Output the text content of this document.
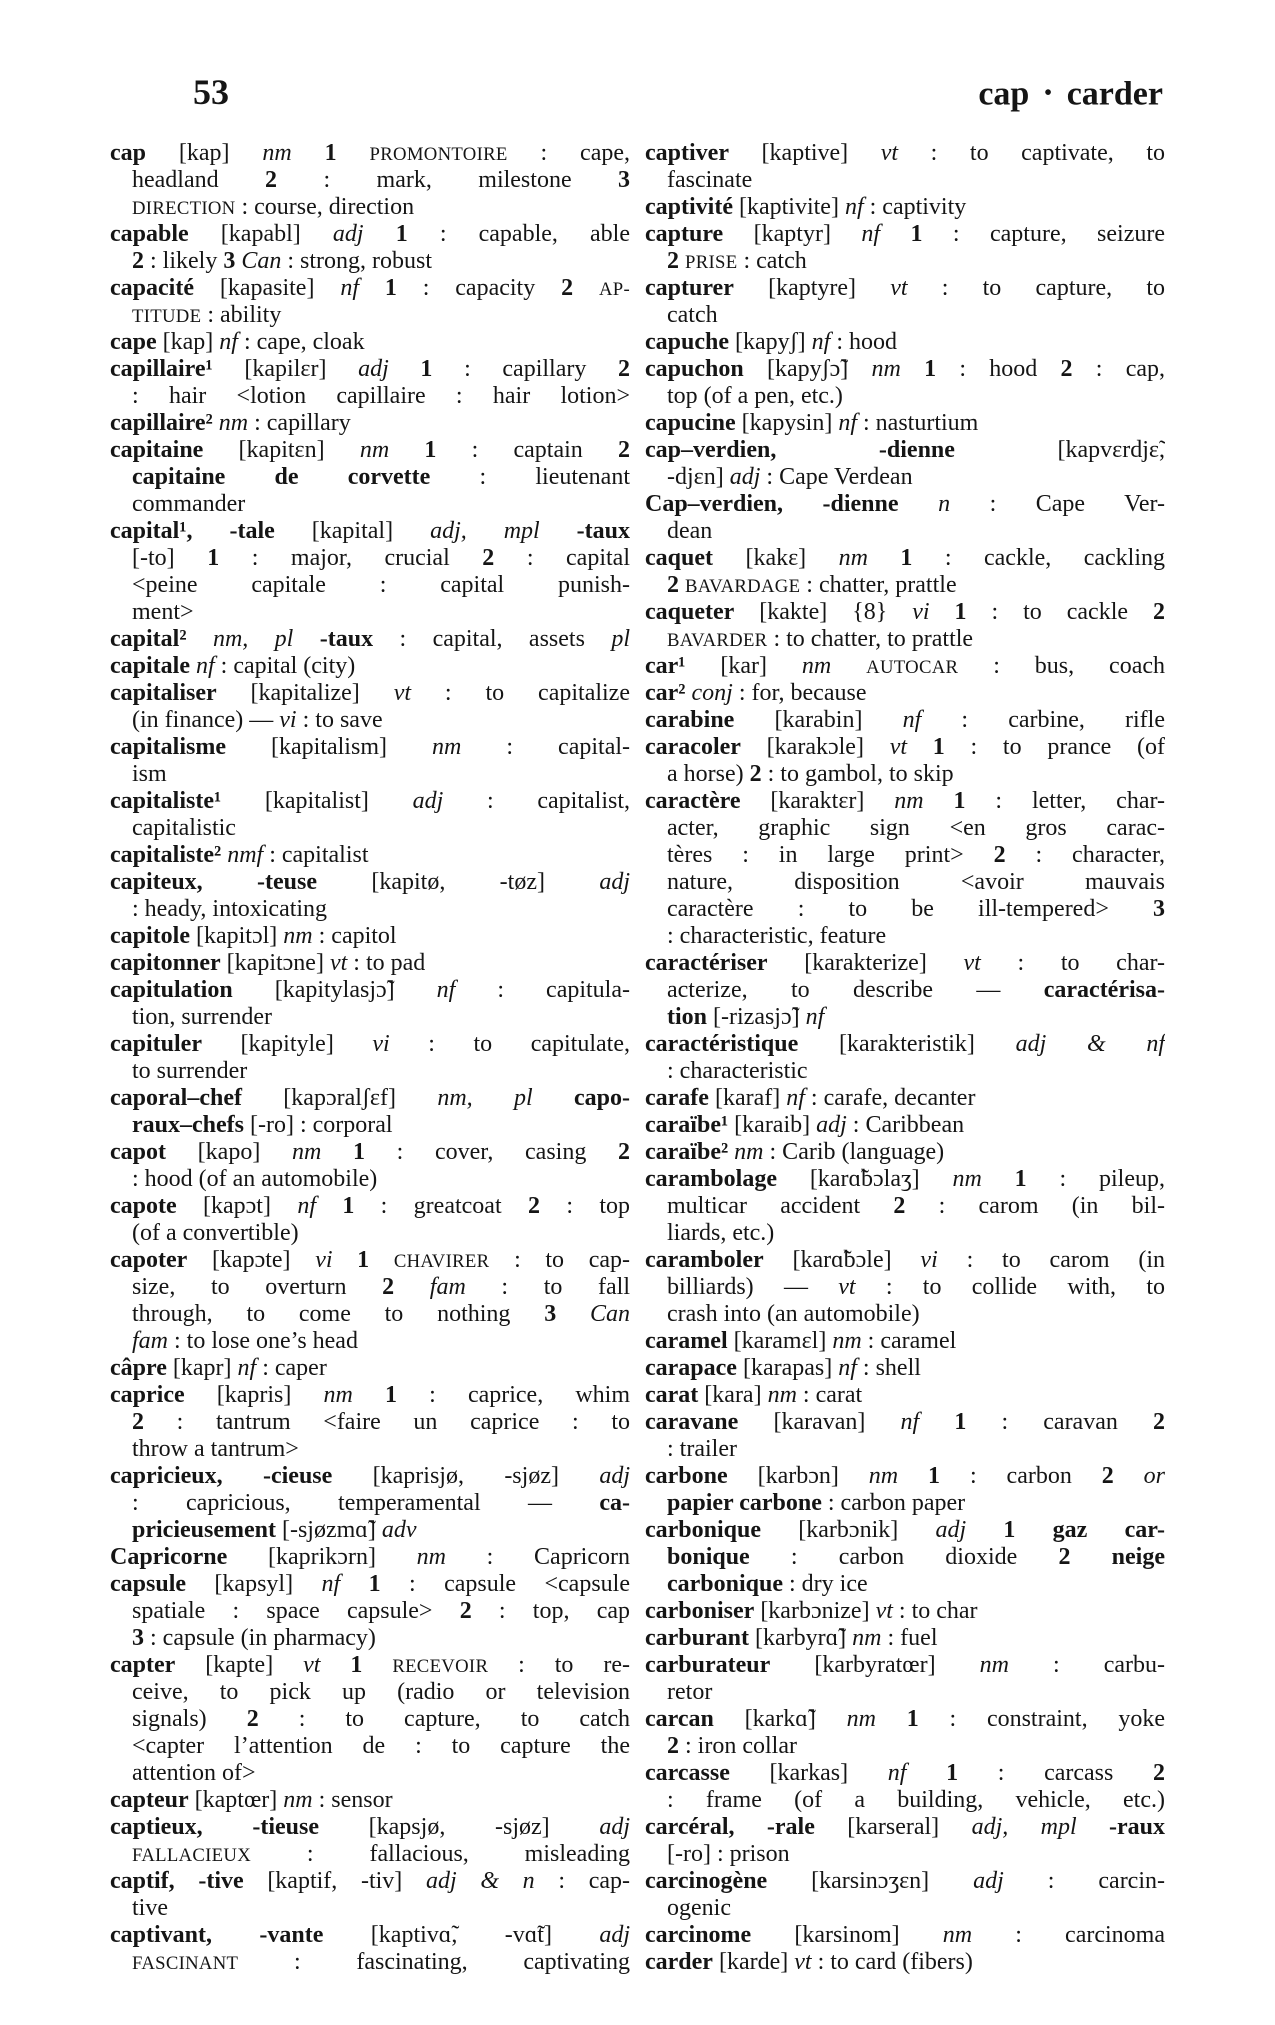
53	cap • carder
cap [kap] nm 1 PROMONTOIRE : cape,
headland 2 : mark, milestone 3
DIRECTION : course, direction
capable [kapabl] adj 1 : capable, able
2 : likely 3 Can : strong, robust
capacité [kapasite] nf 1 : capacity 2 AP-
TITUDE : ability
cape [kap] nf : cape, cloak
capillaire¹ [kapilɛr] adj 1 : capillary 2
: hair <lotion capillaire : hair lotion>
capillaire² nm : capillary
capitaine [kapitɛn] nm 1 : captain 2
capitaine de corvette : lieutenant
commander
capital¹, -tale [kapital] adj, mpl -taux
[-to] 1 : major, crucial 2 : capital
<peine capitale : capital punish-
ment>
capital² nm, pl -taux : capital, assets pl
capitale nf : capital (city)
capitaliser [kapitalize] vt : to capitalize
(in finance) — vi : to save
capitalisme [kapitalism] nm : capital-
ism
capitaliste¹ [kapitalist] adj : capitalist,
capitalistic
capitaliste² nmf : capitalist
capiteux, -teuse [kapitø, -tøz] adj
: heady, intoxicating
capitole [kapitɔl] nm : capitol
capitonner [kapitɔne] vt : to pad
capitulation [kapitylasjɔ̃] nf : capitula-
tion, surrender
capituler [kapityle] vi : to capitulate,
to surrender
caporal–chef [kapɔralʃɛf] nm, pl capo-
raux–chefs [-ro] : corporal
capot [kapo] nm 1 : cover, casing 2
: hood (of an automobile)
capote [kapɔt] nf 1 : greatcoat 2 : top
(of a convertible)
capoter [kapɔte] vi 1 CHAVIRER : to cap-
size, to overturn 2 fam : to fall
through, to come to nothing 3 Can
fam : to lose one’s head
câpre [kapr] nf : caper
caprice [kapris] nm 1 : caprice, whim
2 : tantrum <faire un caprice : to
throw a tantrum>
capricieux, -cieuse [kaprisjø, -sjøz] adj
: capricious, temperamental — ca-
pricieusement [-sjøzmɑ̃] adv
Capricorne [kaprikɔrn] nm : Capricorn
capsule [kapsyl] nf 1 : capsule <capsule
spatiale : space capsule> 2 : top, cap
3 : capsule (in pharmacy)
capter [kapte] vt 1 RECEVOIR : to re-
ceive, to pick up (radio or television
signals) 2 : to capture, to catch
<capter l’attention de : to capture the
attention of>
capteur [kaptœr] nm : sensor
captieux, -tieuse [kapsjø, -sjøz] adj
FALLACIEUX : fallacious, misleading
captif, -tive [kaptif, -tiv] adj & n : cap-
tive
captivant, -vante [kaptivɑ̃, -vɑ̃t] adj
FASCINANT : fascinating, captivating
captiver [kaptive] vt : to captivate, to
fascinate
captivité [kaptivite] nf : captivity
capture [kaptyr] nf 1 : capture, seizure
2 PRISE : catch
capturer [kaptyre] vt : to capture, to
catch
capuche [kapyʃ] nf : hood
capuchon [kapyʃɔ̃] nm 1 : hood 2 : cap,
top (of a pen, etc.)
capucine [kapysin] nf : nasturtium
cap–verdien, -dienne [kapvɛrdjɛ̃,
-djɛn] adj : Cape Verdean
Cap–verdien, -dienne n : Cape Ver-
dean
caquet [kakɛ] nm 1 : cackle, cackling
2 BAVARDAGE : chatter, prattle
caqueter [kakte] {8} vi 1 : to cackle 2
BAVARDER : to chatter, to prattle
car¹ [kar] nm AUTOCAR : bus, coach
car² conj : for, because
carabine [karabin] nf : carbine, rifle
caracoler [karakɔle] vt 1 : to prance (of
a horse) 2 : to gambol, to skip
caractère [karaktɛr] nm 1 : letter, char-
acter, graphic sign <en gros carac-
tères : in large print> 2 : character,
nature, disposition <avoir mauvais
caractère : to be ill-tempered> 3
: characteristic, feature
caractériser [karakterize] vt : to char-
acterize, to describe — caractérisa-
tion [-rizasjɔ̃] nf
caractéristique [karakteristik] adj & nf
: characteristic
carafe [karaf] nf : carafe, decanter
caraïbe¹ [karaib] adj : Caribbean
caraïbe² nm : Carib (language)
carambolage [karɑ̃bɔlaʒ] nm 1 : pileup,
multicar accident 2 : carom (in bil-
liards, etc.)
caramboler [karɑ̃bɔle] vi : to carom (in
billiards) — vt : to collide with, to
crash into (an automobile)
caramel [karamɛl] nm : caramel
carapace [karapas] nf : shell
carat [kara] nm : carat
caravane [karavan] nf 1 : caravan 2
: trailer
carbone [karbɔn] nm 1 : carbon 2 or
papier carbone : carbon paper
carbonique [karbɔnik] adj 1 gaz car-
bonique : carbon dioxide 2 neige
carbonique : dry ice
carboniser [karbɔnize] vt : to char
carburant [karbyrɑ̃] nm : fuel
carburateur [karbyratœr] nm : carbu-
retor
carcan [karkɑ̃] nm 1 : constraint, yoke
2 : iron collar
carcasse [karkas] nf 1 : carcass 2
: frame (of a building, vehicle, etc.)
carcéral, -rale [karseral] adj, mpl -raux
[-ro] : prison
carcinogène [karsinɔʒɛn] adj : carcin-
ogenic
carcinome [karsinom] nm : carcinoma
carder [karde] vt : to card (fibers)
